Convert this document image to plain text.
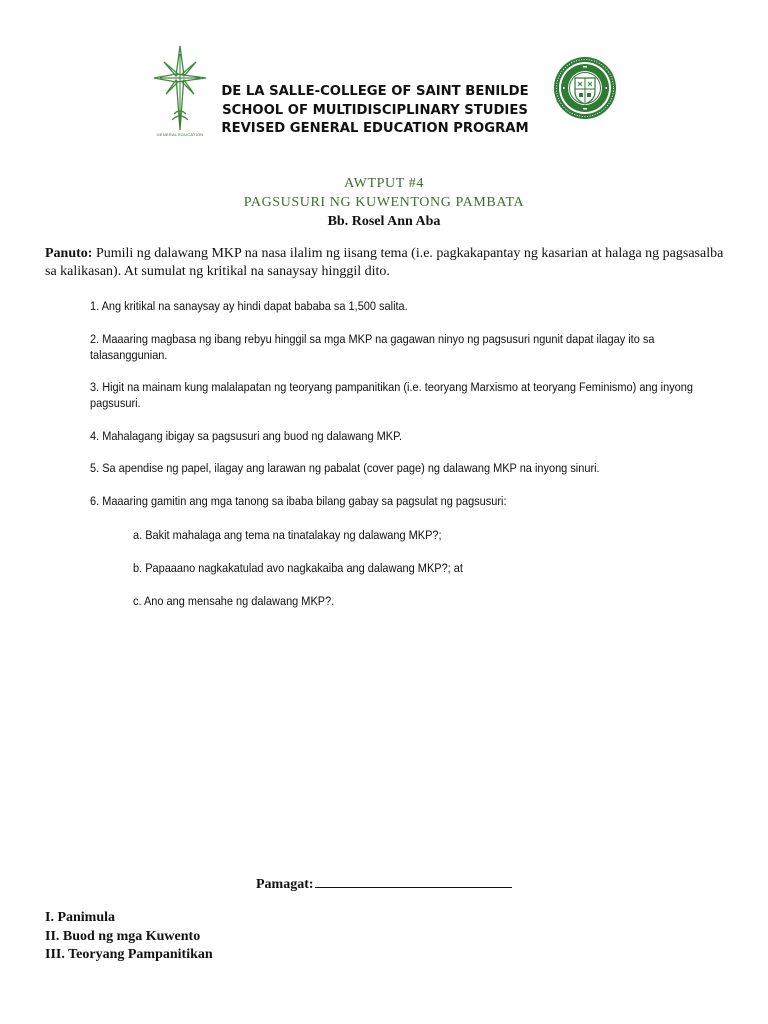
GENERAL EDUCATION
DE LA SALLE-COLLEGE OF SAINT BENILDE
SCHOOL OF MULTIDISCIPLINARY STUDIES
REVISED GENERAL EDUCATION PROGRAM
AWTPUT #4
PAGSUSURI NG KUWENTONG PAMBATA
Bb. Rosel Ann Aba
Panuto: Pumili ng dalawang MKP na nasa ilalim ng iisang tema (i.e. pagkakapantay ng kasarian at halaga ng pagsasalba sa kalikasan). At sumulat ng kritikal na sanaysay hinggil dito.

1. Ang kritikal na sanaysay ay hindi dapat bababa sa 1,500 salita.

2. Maaaring magbasa ng ibang rebyu hinggil sa mga MKP na gagawan ninyo ng pagsusuri ngunit dapat ilagay ito sa talasanggunian.

3. Higit na mainam kung malalapatan ng teoryang pampanitikan (i.e. teoryang Marxismo at teoryang Feminismo) ang inyong pagsusuri.

4. Mahalagang ibigay sa pagsusuri ang buod ng dalawang MKP.

5. Sa apendise ng papel, ilagay ang larawan ng pabalat (cover page) ng dalawang MKP na inyong sinuri.

6. Maaaring gamitin ang mga tanong sa ibaba bilang gabay sa pagsulat ng pagsusuri:

a. Bakit mahalaga ang tema na tinatalakay ng dalawang MKP?;

b. Papaaano nagkakatulad avo nagkakaiba ang dalawang MKP?; at

c. Ano ang mensahe ng dalawang MKP?.

Pamagat:
I. Panimula
II. Buod ng mga Kuwento
III. Teoryang Pampanitikan
